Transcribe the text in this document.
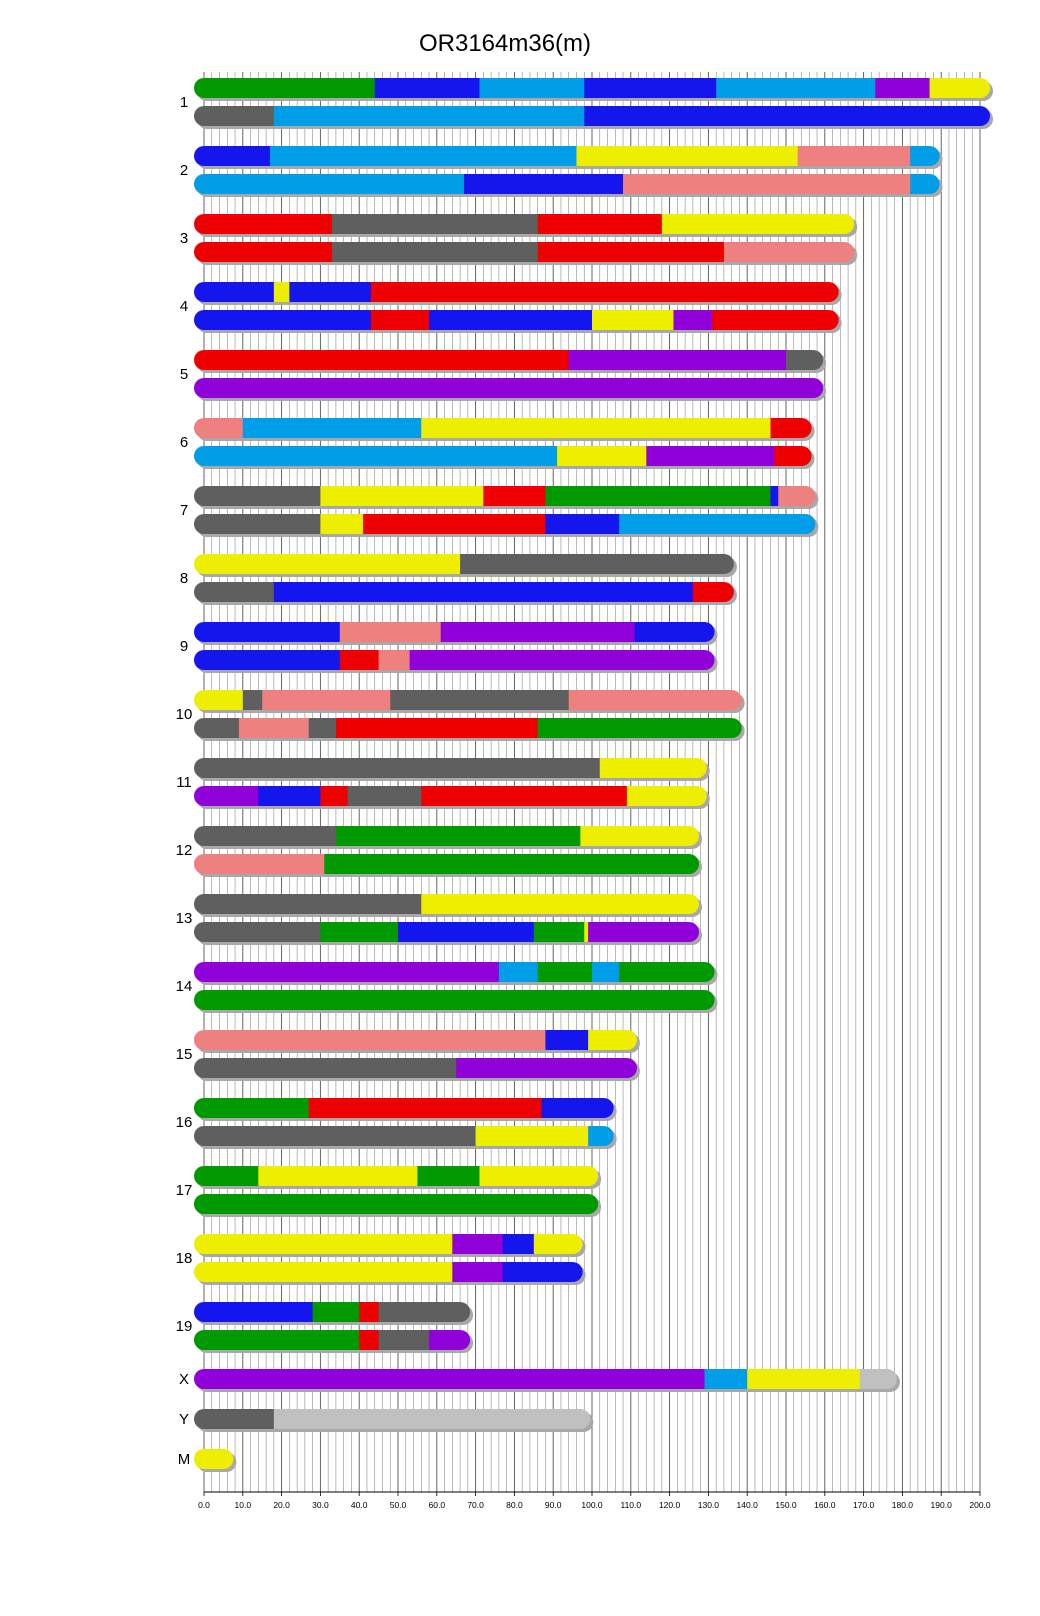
OR3164m36(m)
1
2
3
4
5
6
7
8
9
10
11
12
13
14
15
16
17
18
19
X
Y
M
0.0	10.0	20.0	30.0	40.0	50.0	60.0	70.0	80.0	90.0 100.0 110.0 120.0 130.0 140.0 150.0 160.0 170.0 180.0 190.0 200.0
